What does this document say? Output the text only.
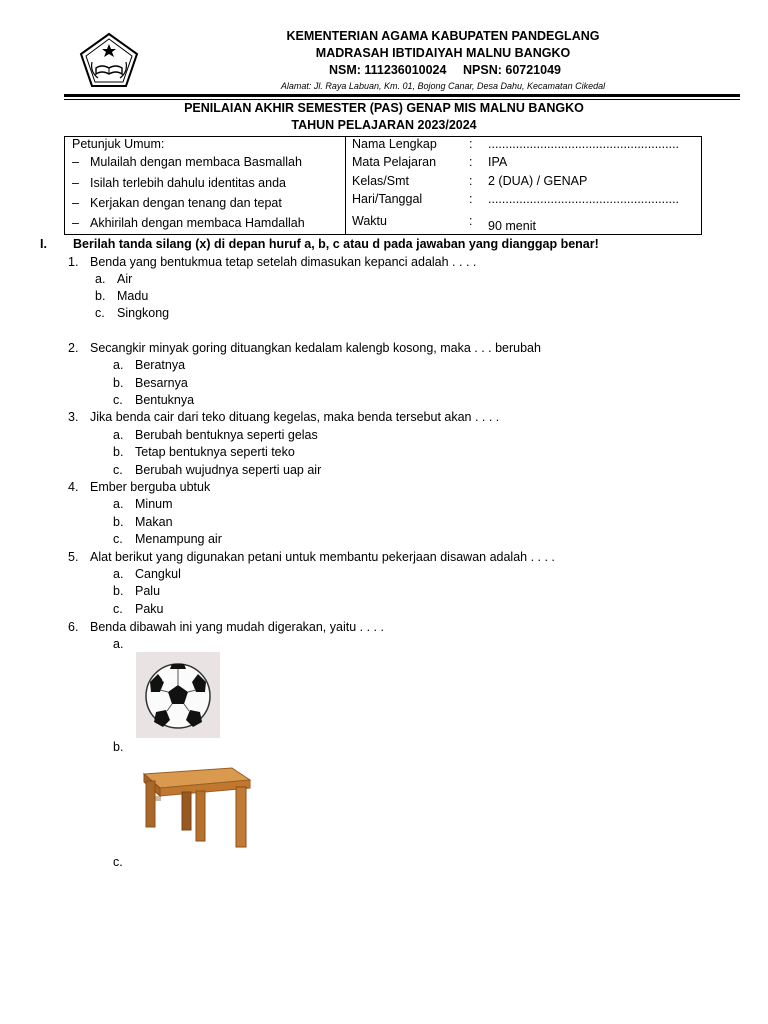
KEMENTERIAN AGAMA KABUPATEN PANDEGLANG
MADRASAH IBTIDAIYAH MALNU BANGKO
NSM: 111236010024 NPSN: 60721049
Alamat: Jl. Raya Labuan, Km. 01, Bojong Canar, Desa Dahu, Kecamatan Cikedal
PENILAIAN AKHIR SEMESTER (PAS) GENAP MIS MALNU BANGKO
TAHUN PELAJARAN 2023/2024
Petunjuk Umum:
– Mulailah dengan membaca Basmallah
– Isilah terlebih dahulu identitas anda
– Kerjakan dengan tenang dan tepat
– Akhirilah dengan membaca Hamdallah
Nama Lengkap	: .......................................................
Mata Pelajaran	: IPA
Kelas/Smt	: 2 (DUA) / GENAP
Hari/Tanggal	: .......................................................
Waktu	: 90 menit
I. Berilah tanda silang (x) di depan huruf a, b, c atau d pada jawaban yang dianggap benar!
1. Benda yang bentukmua tetap setelah dimasukan kepanci adalah . . . .
a. Air
b. Madu
c. Singkong
2. Secangkir minyak goring dituangkan kedalam kalengb kosong, maka . . . berubah
a. Beratnya
b. Besarnya
c. Bentuknya
3. Jika benda cair dari teko dituang kegelas, maka benda tersebut akan . . . .
a. Berubah bentuknya seperti gelas
b. Tetap bentuknya seperti teko
c. Berubah wujudnya seperti uap air
4. Ember berguba ubtuk
a. Minum
b. Makan
c. Menampung air
5. Alat berikut yang digunakan petani untuk membantu pekerjaan disawan adalah . . . .
a. Cangkul
b. Palu
c. Paku
6. Benda dibawah ini yang mudah digerakan, yaitu . . . .
a.
b.
c.
